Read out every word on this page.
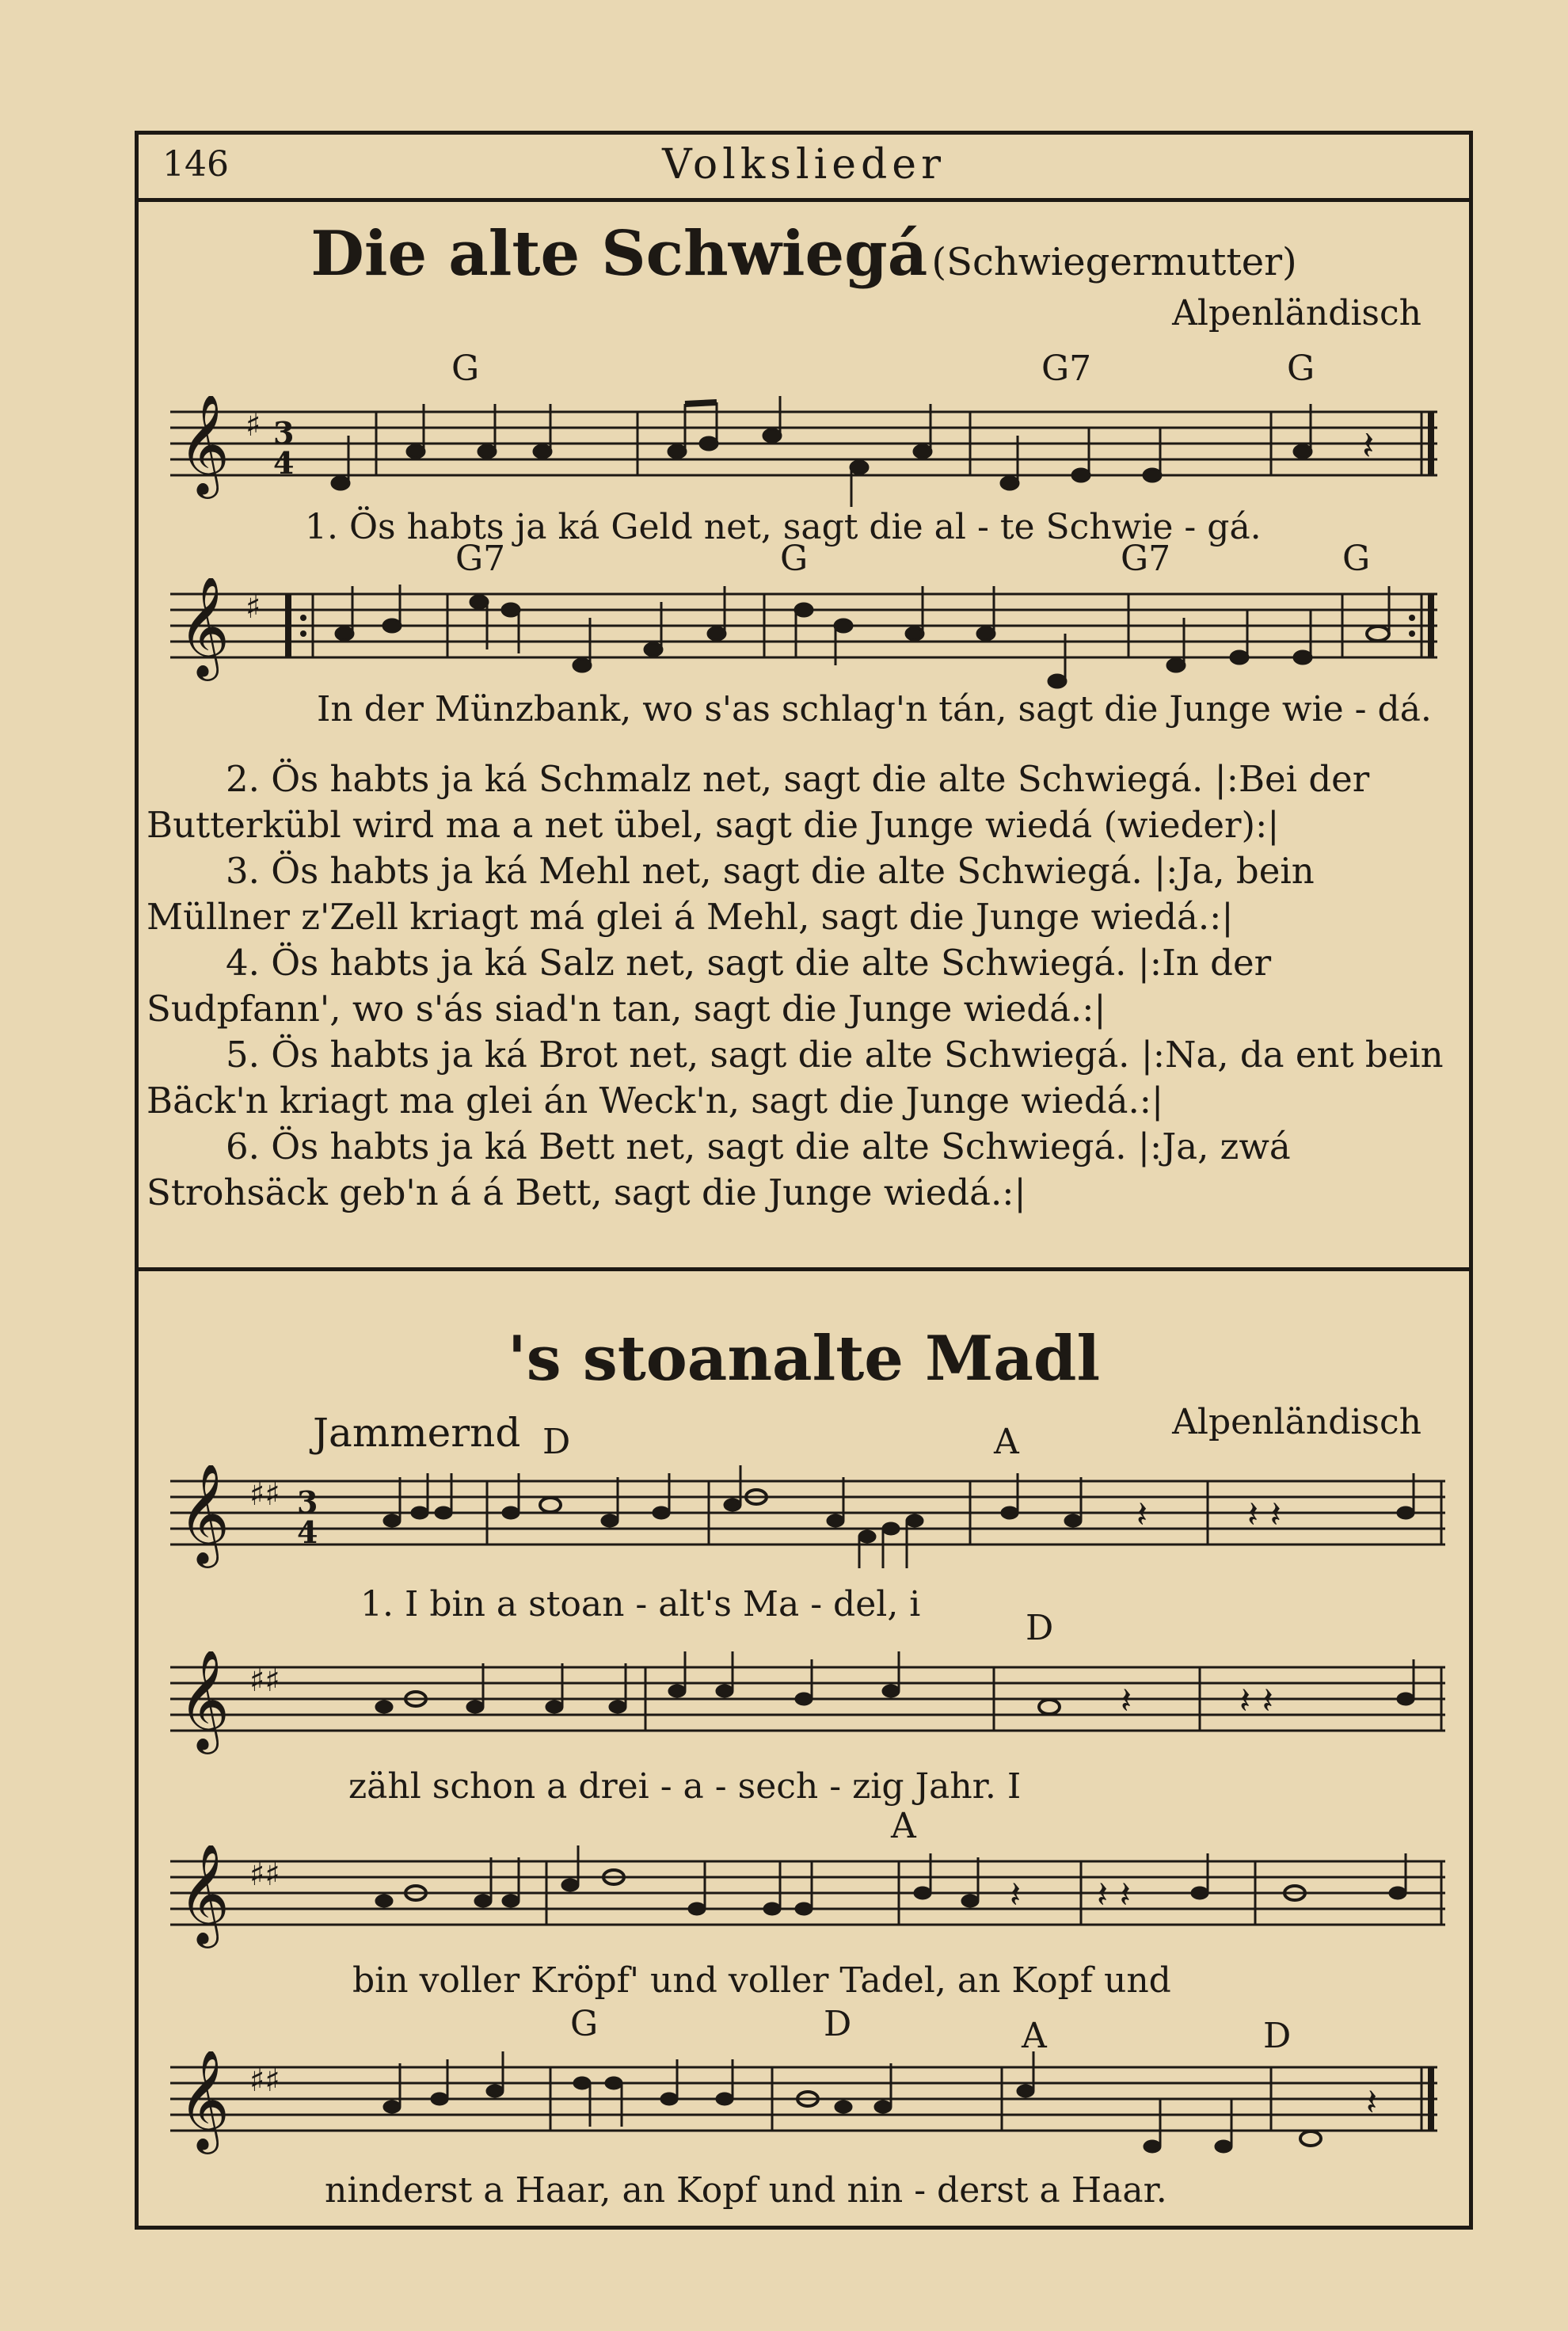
146	Volkslieder
Die alte Schwiegá (Schwiegermutter)
Alpenländisch
G	G7	G
𝄞 ♯ 3
4	𝄽
1. Ös habts ja ká Geld net, sagt die al - te Schwie - gá.
G7	G	G7	G
𝄞 ♯
In der Münzbank, wo s'as schlag'n tán, sagt die Junge wie - dá.

2. Ös habts ja ká Schmalz net, sagt die alte Schwiegá. |:Bei der Butterkübl wird ma a net übel, sagt die Junge wiedá (wieder):|

3. Ös habts ja ká Mehl net, sagt die alte Schwiegá. |:Ja, bein Müllner z'Zell kriagt má glei á Mehl, sagt die Junge wiedá.:|

4. Ös habts ja ká Salz net, sagt die alte Schwiegá. |:In der Sudpfann', wo s'ás siad'n tan, sagt die Junge wiedá.:|

5. Ös habts ja ká Brot net, sagt die alte Schwiegá. |:Na, da ent bein Bäck'n kriagt ma glei án Weck'n, sagt die Junge wiedá.:|

6. Ös habts ja ká Bett net, sagt die alte Schwiegá. |:Ja, zwá Strohsäck geb'n á á Bett, sagt die Junge wiedá.:|

's stoanalte Madl
Jammernd	Alpenländisch
D	A
𝄞 ♯♯ 3
4	𝄽	𝄽 𝄽
1. I bin a stoan - alt's Ma - del, i
D
𝄞 ♯♯	𝄽	𝄽 𝄽
zähl schon a drei - a - sech - zig Jahr. I
A
𝄞 ♯♯	𝄽 𝄽 𝄽
bin voller Kröpf' und voller Tadel, an Kopf und
G	D	A	D
𝄞 ♯♯	𝄽
ninderst a Haar, an Kopf und nin - derst a Haar.
